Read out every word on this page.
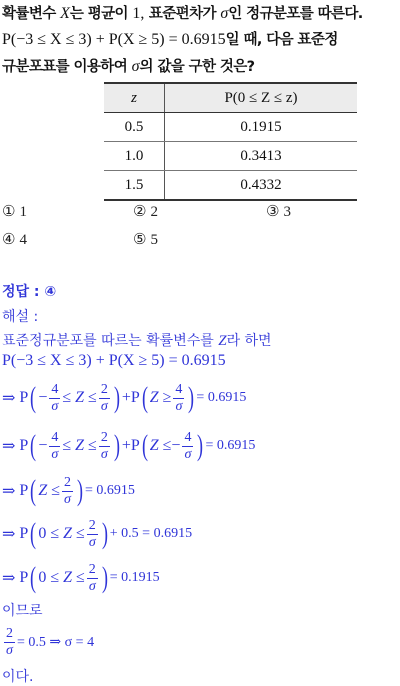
확률변수 X는 평균이 1, 표준편차가 σ인 정규분포를 따른다.
P(−3 ≤ X ≤ 3) + P(X ≥ 5) = 0.6915일 때, 다음 표준정
규분포표를 이용하여 σ의 값을 구한 것은?
z	P(0 ≤ Z ≤ z)
0.5	0.1915
1.0	0.3413
1.5	0.4332
① 1	② 2	③ 3
④ 4	⑤ 5
정답 : ④
해설 :
표준정규분포를 따르는 확률변수를 Z라 하면
P(−3 ≤ X ≤ 3) + P(X ≥ 5) = 0.6915
⇒ P ( − $\frac{4}{\sigma} \le Z \le \frac{2}{\sigma}$ ) +P ( $Z \ge \frac{4}{\sigma}$ ) = 0.6915
⇒ P ( − $\frac{4}{\sigma} \le Z \le \frac{2}{\sigma}$ ) +P ( $Z \le- \frac{4}{\sigma}$ ) = 0.6915
⇒ P ( $Z \le \frac{2}{\sigma}$ ) = 0.6915
⇒ P ( $0 \le Z \le \frac{2}{\sigma}$ ) + 0.5 = 0.6915
⇒ P ( $0 \le Z \le \frac{2}{\sigma}$ ) = 0.1915
이므로
$\frac{2}{\sigma} = 0.5$ ⇒ σ = 4
이다.
